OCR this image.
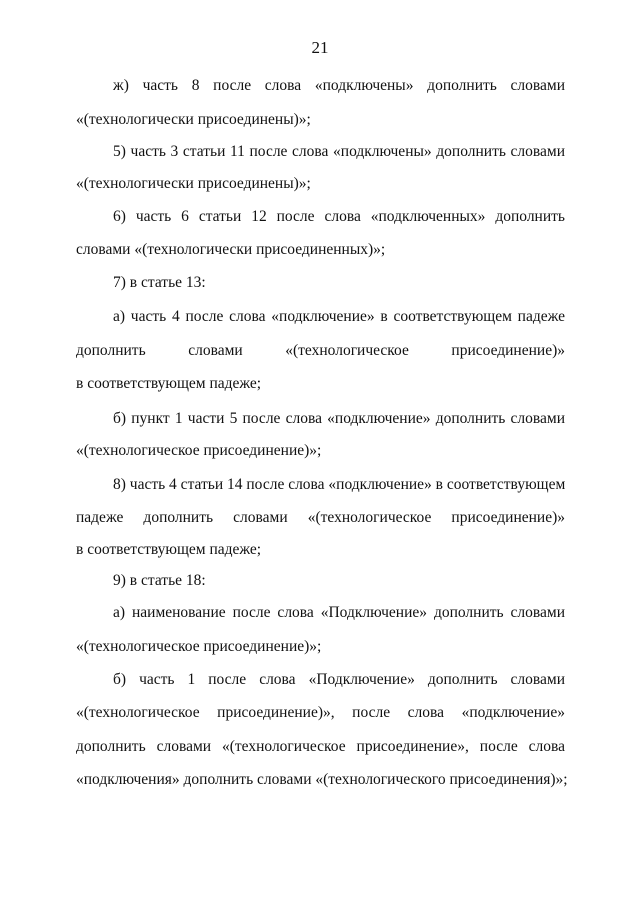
21
ж) часть 8 после слова «подключены» дополнить словами
«(технологически присоединены)»;
5) часть 3 статьи 11 после слова «подключены» дополнить словами
«(технологически присоединены)»;
6) часть 6 статьи 12 после слова «подключенных» дополнить
словами «(технологически присоединенных)»;
7) в статье 13:
а) часть 4 после слова «подключение» в соответствующем падеже
дополнить словами «(технологическое присоединение)»
в соответствующем падеже;
б) пункт 1 части 5 после слова «подключение» дополнить словами
«(технологическое присоединение)»;
8) часть 4 статьи 14 после слова «подключение» в соответствующем
падеже дополнить словами «(технологическое присоединение)»
в соответствующем падеже;
9) в статье 18:
а) наименование после слова «Подключение» дополнить словами
«(технологическое присоединение)»;
б) часть 1 после слова «Подключение» дополнить словами
«(технологическое присоединение)», после слова «подключение»
дополнить словами «(технологическое присоединение», после слова
«подключения» дополнить словами «(технологического присоединения)»;
